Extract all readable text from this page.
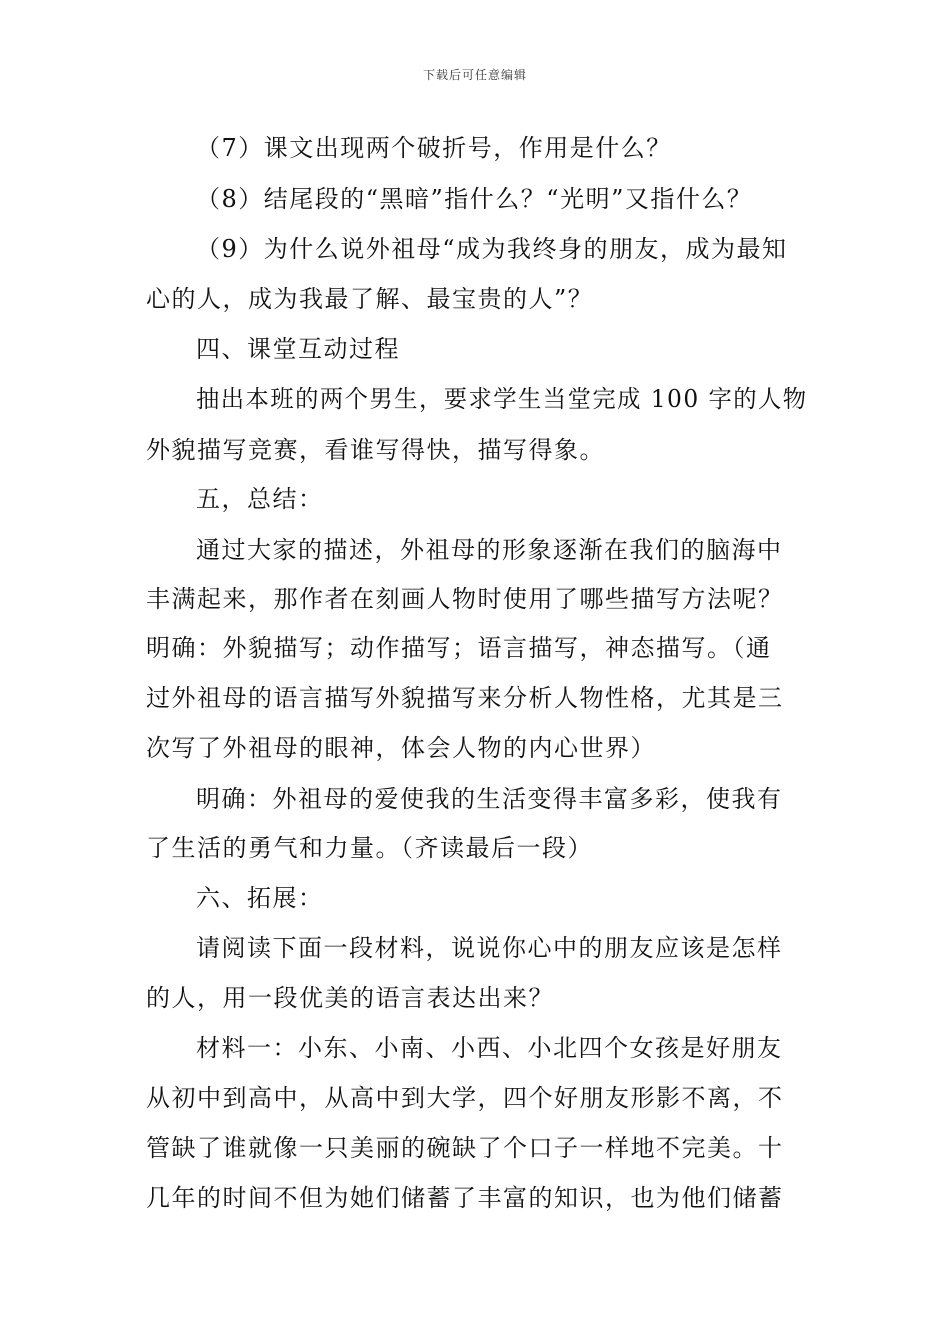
下载后可任意编辑
（7）课文出现两个破折号，作用是什么？
（8）结尾段的“黑暗”指什么？“光明”又指什么？
（9）为什么说外祖母“成为我终身的朋友，成为最知
心的人，成为我最了解、最宝贵的人”？
四、课堂互动过程
抽出本班的两个男生，要求学生当堂完成 100 字的人物
外貌描写竞赛，看谁写得快，描写得象。
五，总结：
通过大家的描述，外祖母的形象逐渐在我们的脑海中
丰满起来，那作者在刻画人物时使用了哪些描写方法呢？
明确：外貌描写；动作描写；语言描写，神态描写。（通
过外祖母的语言描写外貌描写来分析人物性格，尤其是三
次写了外祖母的眼神，体会人物的内心世界）
明确：外祖母的爱使我的生活变得丰富多彩，使我有
了生活的勇气和力量。（齐读最后一段）
六、拓展：
请阅读下面一段材料，说说你心中的朋友应该是怎样
的人，用一段优美的语言表达出来？
材料一：小东、小南、小西、小北四个女孩是好朋友
从初中到高中，从高中到大学，四个好朋友形影不离，不
管缺了谁就像一只美丽的碗缺了个口子一样地不完美。十
几年的时间不但为她们储蓄了丰富的知识，也为他们储蓄
